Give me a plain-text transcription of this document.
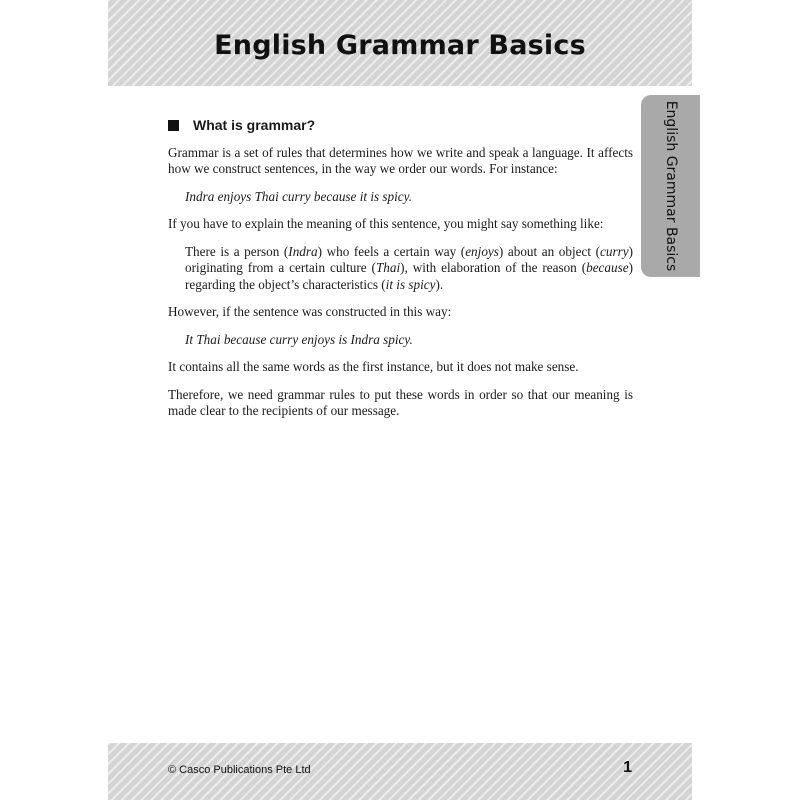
English Grammar Basics
English Grammar Basics
What is grammar?

Grammar is a set of rules that determines how we write and speak a language. It affects how we construct sentences, in the way we order our words. For instance:

Indra enjoys Thai curry because it is spicy.

If you have to explain the meaning of this sentence, you might say something like:

There is a person (Indra) who feels a certain way (enjoys) about an object (curry) originating from a certain culture (Thai), with elaboration of the reason (because) regarding the object’s characteristics (it is spicy).

However, if the sentence was constructed in this way:

It Thai because curry enjoys is Indra spicy.

It contains all the same words as the first instance, but it does not make sense.

Therefore, we need grammar rules to put these words in order so that our meaning is made clear to the recipients of our message.

© Casco Publications Pte Ltd	1
